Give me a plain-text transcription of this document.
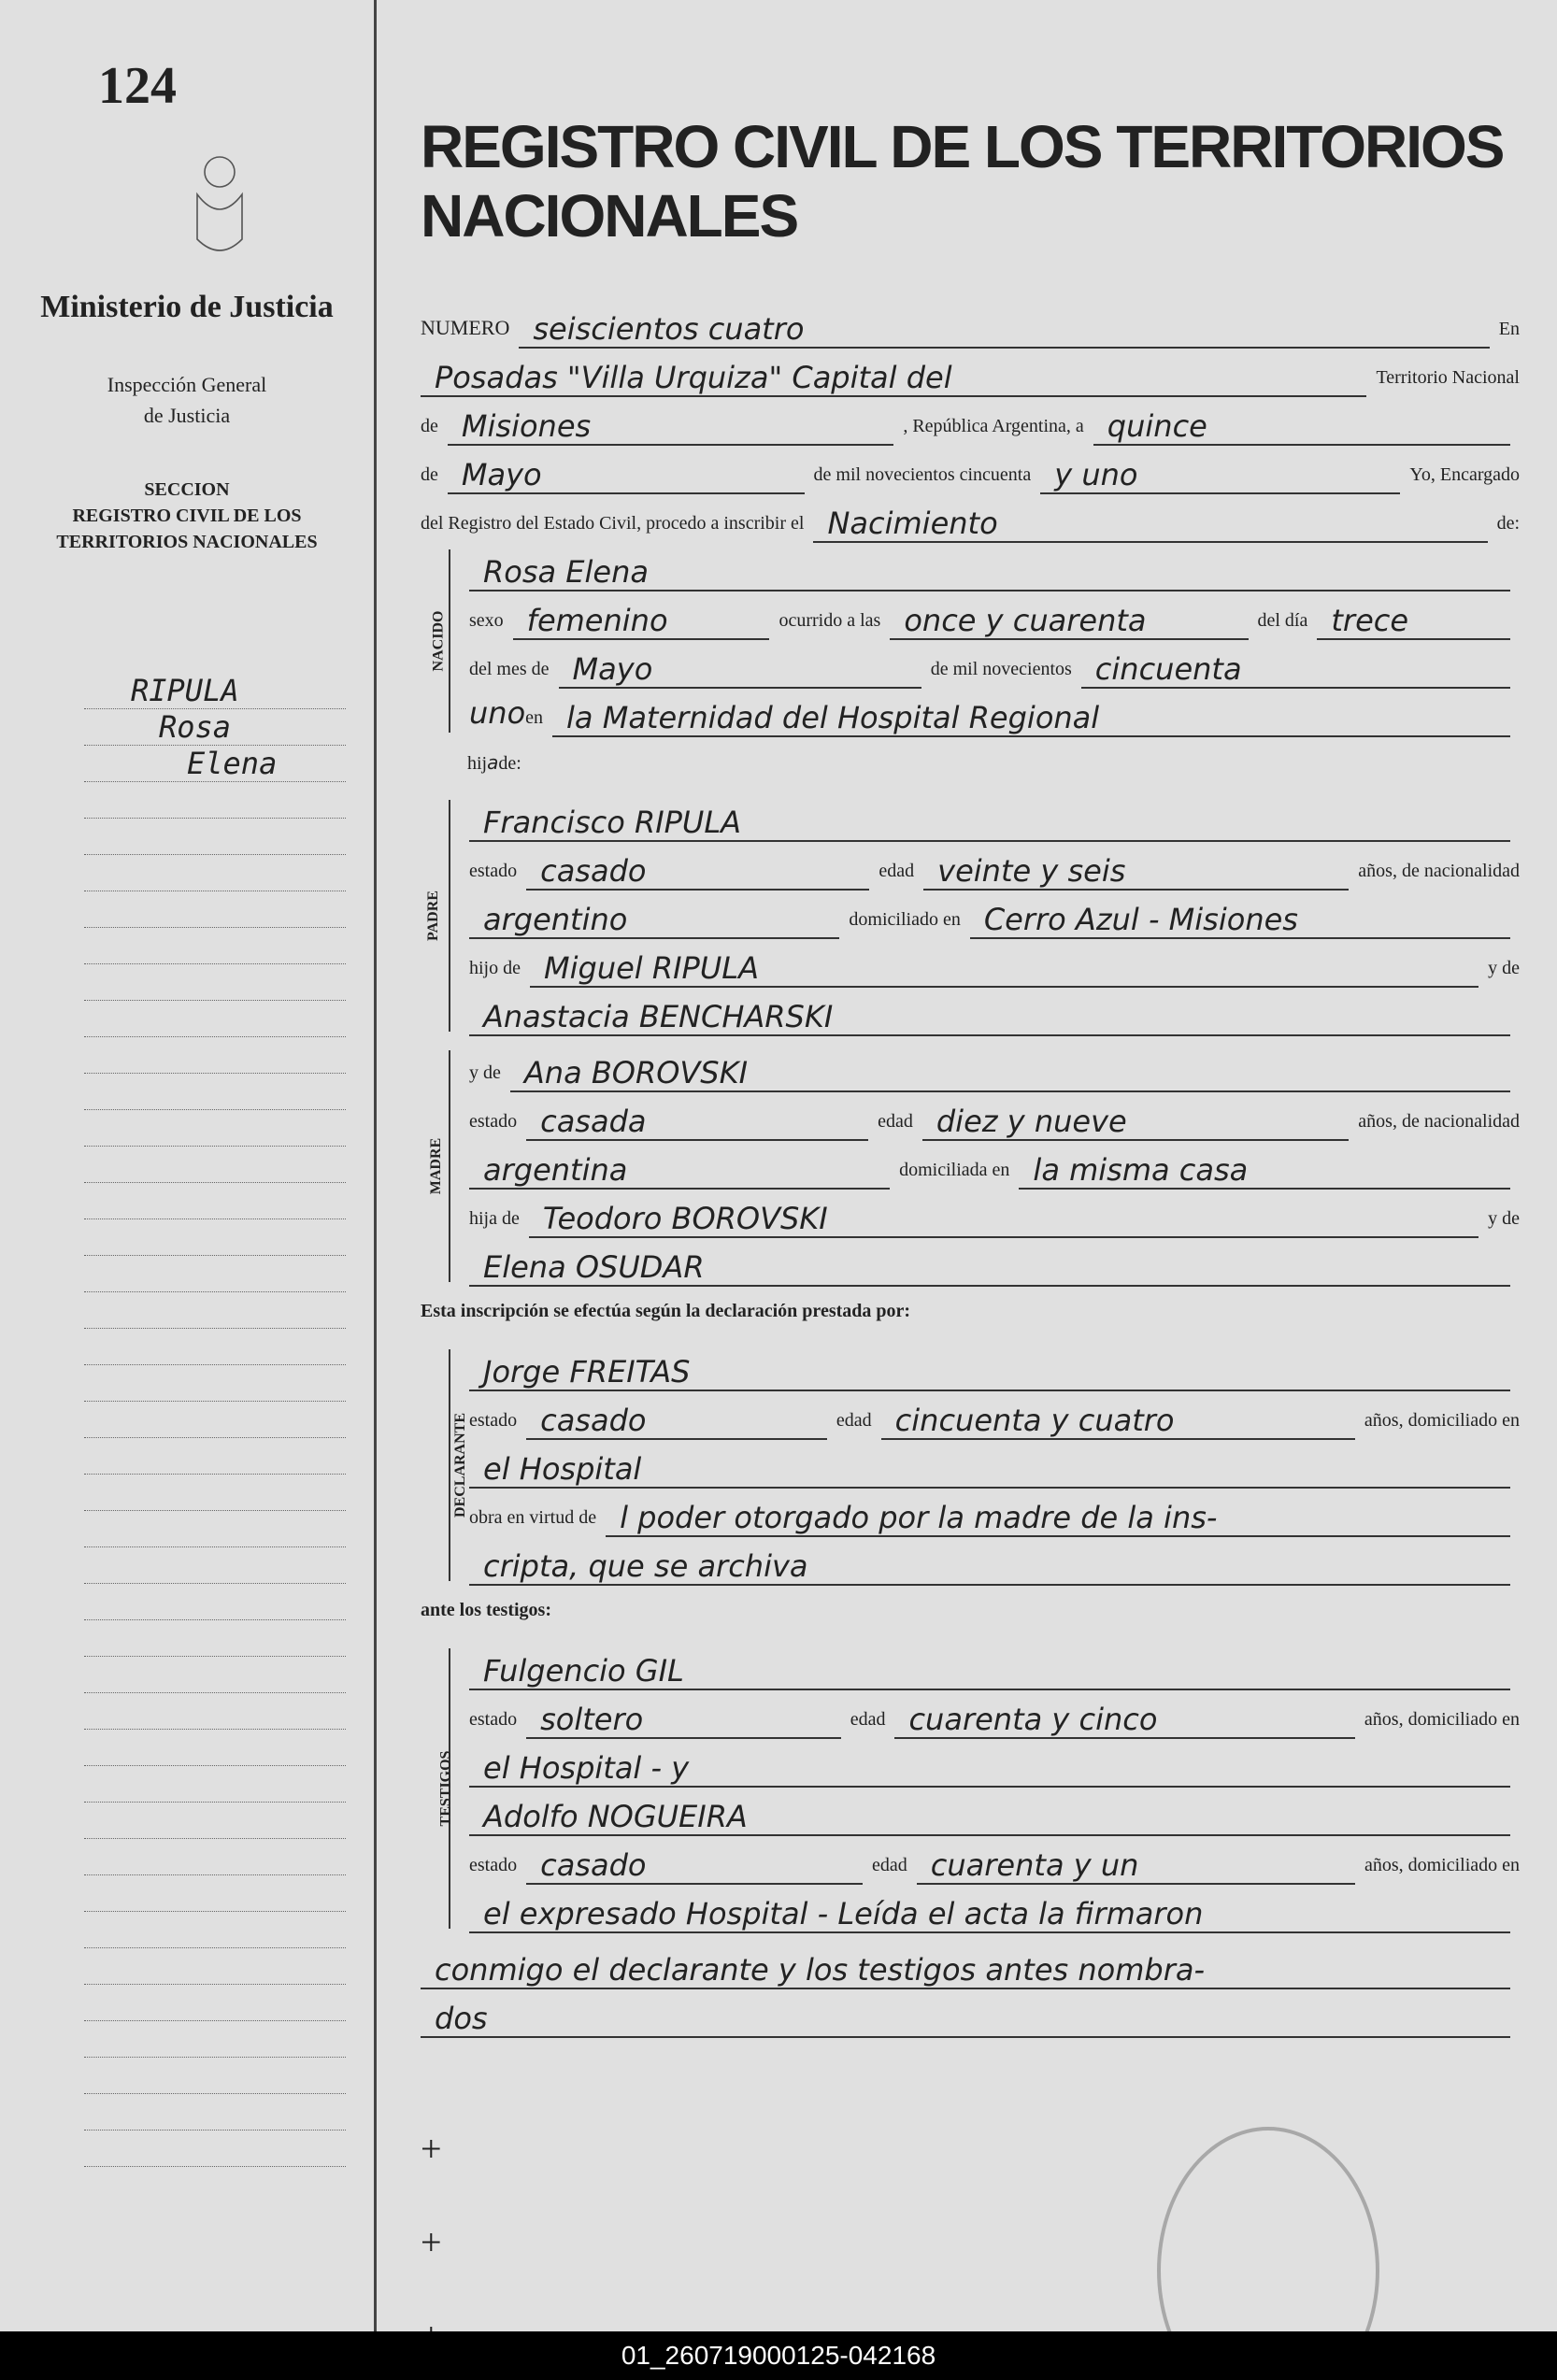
124
Ministerio de Justicia
Inspección General
de Justicia
SECCION
REGISTRO CIVIL DE LOS
TERRITORIOS NACIONALES
RIPULA
Rosa
Elena
REGISTRO CIVIL DE LOS TERRITORIOS NACIONALES
NUMERO seiscientos cuatro	En
Posadas "Villa Urquiza" Capital del	Territorio Nacional
de Misiones	, República Argentina, a quince
de Mayo	de mil novecientos cincuenta y uno	Yo, Encargado
del Registro del Estado Civil, procedo a inscribir el Nacimiento	de:
NACIDO
Rosa Elena
sexo femenino	ocurrido a las once y cuarenta	del día trece
del mes de Mayo	de mil novecientos cincuenta
uno en la Maternidad del Hospital Regional
hij a de:
PADRE
Francisco RIPULA
estado casado	edad veinte y seis	años, de nacionalidad
argentino	domiciliado en Cerro Azul - Misiones
hijo de Miguel RIPULA	y de
Anastacia BENCHARSKI
MADRE
y de Ana BOROVSKI
estado casada	edad diez y nueve	años, de nacionalidad
argentina	domiciliada en la misma casa
hija de Teodoro BOROVSKI	y de
Elena OSUDAR
Esta inscripción se efectúa según la declaración prestada por:
DECLARANTE
Jorge FREITAS
estado casado	edad cincuenta y cuatro	años, domiciliado en
el Hospital
obra en virtud de l poder otorgado por la madre de la ins-
cripta, que se archiva
ante los testigos:
TESTIGOS
Fulgencio GIL
estado soltero	edad cuarenta y cinco	años, domiciliado en
el Hospital - y
Adolfo NOGUEIRA
estado casado	edad cuarenta y un	años, domiciliado en
el expresado Hospital - Leída el acta la firmaron
conmigo el declarante y los testigos antes nombra-
dos
+
+
01_260719000125-042168
